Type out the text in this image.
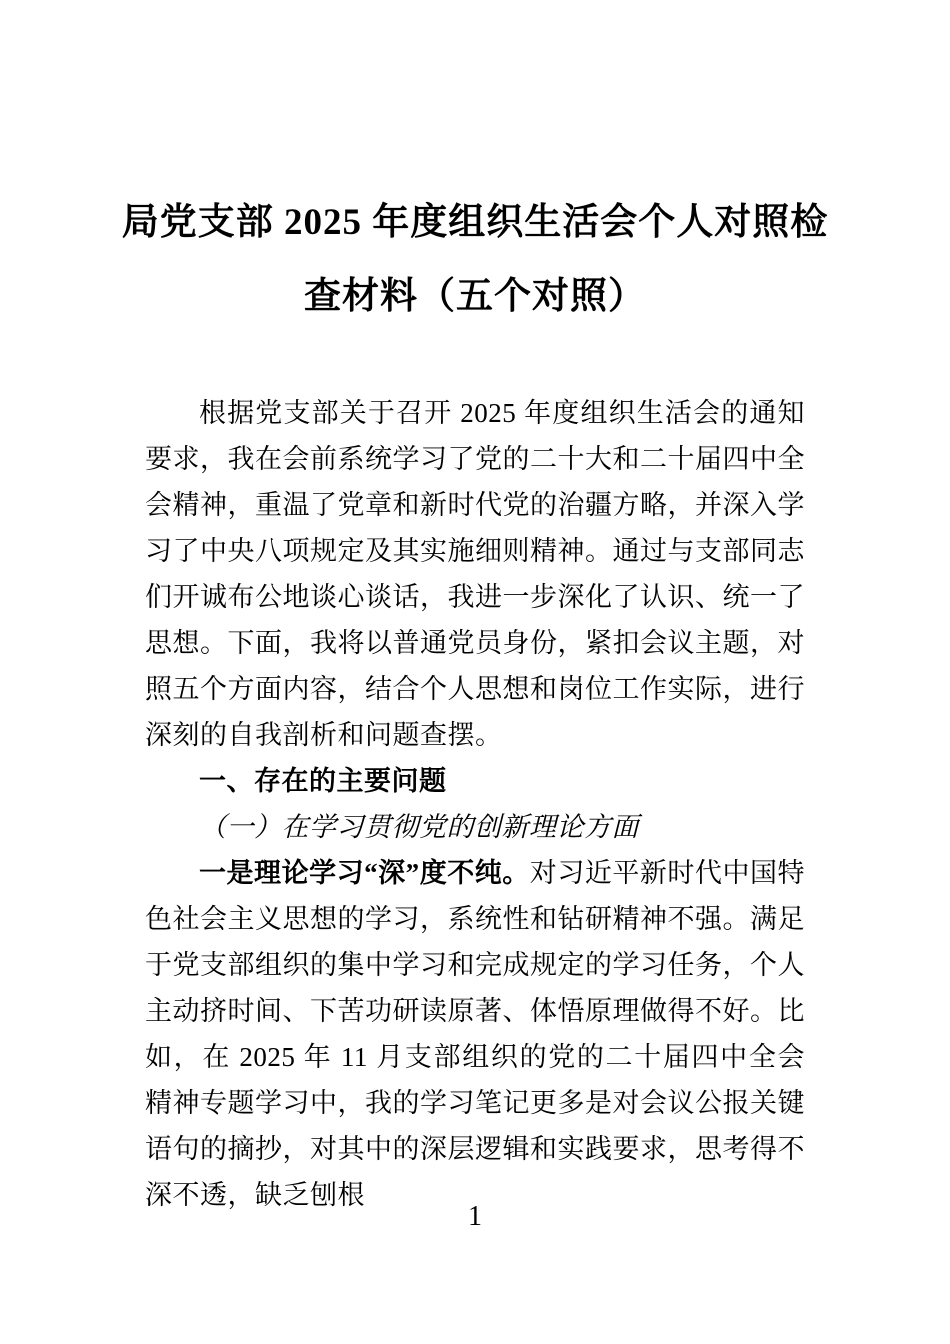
局党支部 2025 年度组织生活会个人对照检
查材料（五个对照）

根据党支部关于召开 2025 年度组织生活会的通知要求，我在会前系统学习了党的二十大和二十届四中全会精神，重温了党章和新时代党的治疆方略，并深入学习了中央八项规定及其实施细则精神。通过与支部同志们开诚布公地谈心谈话，我进一步深化了认识、统一了思想。下面，我将以普通党员身份，紧扣会议主题，对照五个方面内容，结合个人思想和岗位工作实际，进行深刻的自我剖析和问题查摆。

一、存在的主要问题
（一）在学习贯彻党的创新理论方面

一是理论学习“深”度不纯。对习近平新时代中国特色社会主义思想的学习，系统性和钻研精神不强。满足于党支部组织的集中学习和完成规定的学习任务，个人主动挤时间、下苦功研读原著、体悟原理做得不好。比如，在 2025 年 11 月支部组织的党的二十届四中全会精神专题学习中，我的学习笔记更多是对会议公报关键语句的摘抄，对其中的深层逻辑和实践要求，思考得不深不透，缺乏刨根

1
